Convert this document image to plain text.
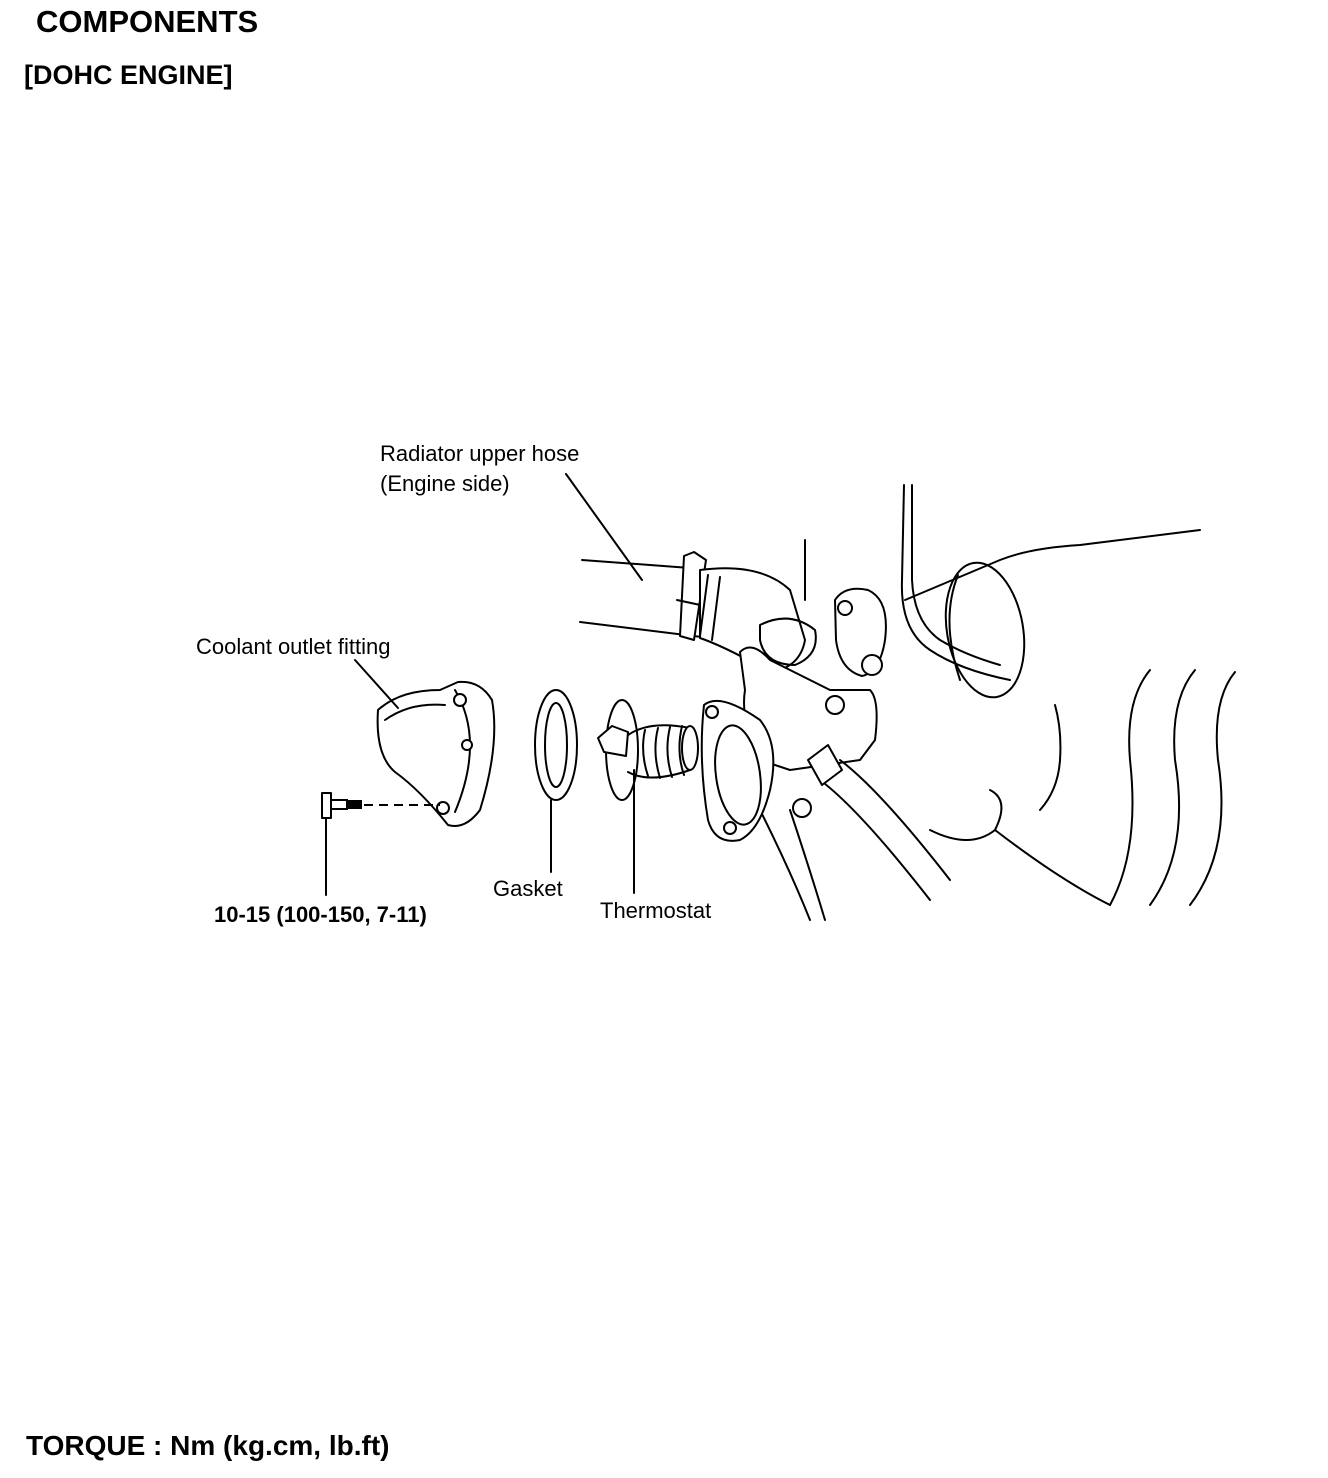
COMPONENTS
[DOHC ENGINE]
Radiator upper hose
(Engine side)
Coolant outlet fitting
Gasket
Thermostat
10-15 (100-150, 7-11)
TORQUE : Nm (kg.cm, lb.ft)
